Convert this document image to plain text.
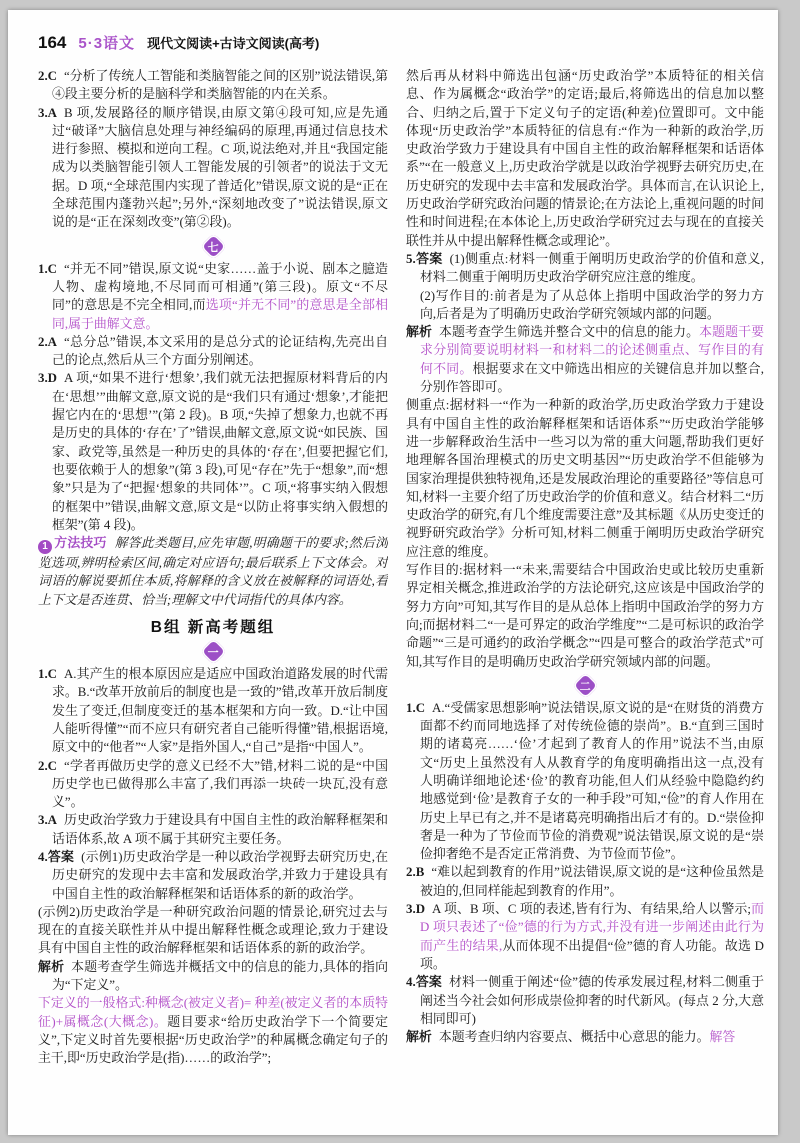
164 5·3语文 现代文阅读+古诗文阅读(高考)

2.C “分析了传统人工智能和类脑智能之间的区别”说法错误,第④段主要分析的是脑科学和类脑智能的内在关系。

3.A B 项,发展路径的顺序错误,由原文第④段可知,应是先通过“破译”大脑信息处理与神经编码的原理,再通过信息技术进行参照、模拟和逆向工程。C 项,说法绝对,并且“我国定能成为以类脑智能引领人工智能发展的引领者”的说法于文无据。D 项,“全球范围内实现了普适化”错误,原文说的是“正在全球范围内蓬勃兴起”;另外,“深刻地改变了”说法错误,原文说的是“正在深刻改变”(第②段)。

七

1.C “并无不同”错误,原文说“史家……盖于小说、剧本之臆造人物、虚构境地,不尽同而可相通”(第三段)。原文“不尽同”的意思是不完全相同,而选项“并无不同”的意思是全部相同,属于曲解文意。

2.A “总分总”错误,本文采用的是总分式的论证结构,先亮出自己的论点,然后从三个方面分别阐述。

3.D A 项,“如果不进行‘想象’,我们就无法把握原材料背后的内在‘思想’”曲解文意,原文说的是“我们只有通过‘想象’,才能把握它内在的‘思想’”(第 2 段)。B 项,“失掉了想象力,也就不再是历史的具体的‘存在’了”错误,曲解文意,原文说“如民族、国家、政党等,虽然是一种历史的具体的‘存在’,但要把握它们,也要依赖于人的想象”(第 3 段),可见“存在”先于“想象”,而“想象”只是为了“把握‘想象的共同体’”。C 项,“将事实纳入假想的框架中”错误,曲解文意,原文是“以防止将事实纳入假想的框架”(第 4 段)。

1 方法技巧 解答此类题目,应先审题,明确题干的要求;然后浏览选项,辨明检索区间,确定对应语句;最后联系上下文体会。对词语的解说要抓住本质,将解释的含义放在被解释的词语处,看上下文是否连贯、恰当;理解文中代词指代的具体内容。

B组 新高考题组
一

1.C A.其产生的根本原因应是适应中国政治道路发展的时代需求。B.“改革开放前后的制度也是一致的”错,改革开放后制度发生了变迁,但制度变迁的基本框架和方向一致。D.“让中国人能听得懂”“而不应只有研究者自己能听得懂”错,根据语境,原文中的“他者”“人家”是指外国人,“自己”是指“中国人”。

2.C “学者再做历史学的意义已经不大”错,材料二说的是“中国历史学也已做得那么丰富了,我们再添一块砖一块瓦,没有意义”。

3.A 历史政治学致力于建设具有中国自主性的政治解释框架和话语体系,故 A 项不属于其研究主要任务。

4.答案 (示例1)历史政治学是一种以政治学视野去研究历史,在历史研究的发现中去丰富和发展政治学,并致力于建设具有中国自主性的政治解释框架和话语体系的新的政治学。

(示例2)历史政治学是一种研究政治问题的情景论,研究过去与现在的直接关联性并从中提出解释性概念或理论,致力于建设具有中国自主性的政治解释框架和话语体系的新的政治学。

解析 本题考查学生筛选并概括文中的信息的能力,具体的指向为“下定义”。

下定义的一般格式:种概念(被定义者)= 种差(被定义者的本质特征)+属概念(大概念)。题目要求“给历史政治学下一个简要定义”,下定义时首先要根据“历史政治学”的种属概念确定句子的主干,即“历史政治学是(指)……的政治学”;

然后再从材料中筛选出包涵“历史政治学”本质特征的相关信息、作为属概念“政治学”的定语;最后,将筛选出的信息加以整合、归纳之后,置于下定义句子的定语(种差)位置即可。文中能体现“历史政治学”本质特征的信息有:“作为一种新的政治学,历史政治学致力于建设具有中国自主性的政治解释框架和话语体系”“在一般意义上,历史政治学就是以政治学视野去研究历史,在历史研究的发现中去丰富和发展政治学。具体而言,在认识论上,历史政治学研究政治问题的情景论;在方法论上,重视问题的时间性和时间进程;在本体论上,历史政治学研究过去与现在的直接关联性并从中提出解释性概念或理论”。

5.答案 (1)侧重点:材料一侧重于阐明历史政治学的价值和意义,材料二侧重于阐明历史政治学研究应注意的维度。

(2)写作目的:前者是为了从总体上指明中国政治学的努力方向,后者是为了明确历史政治学研究领域内部的问题。

解析 本题考查学生筛选并整合文中的信息的能力。本题题干要求分别简要说明材料一和材料二的论述侧重点、写作目的有何不同。根据要求在文中筛选出相应的关键信息并加以整合,分别作答即可。

侧重点:据材料一“作为一种新的政治学,历史政治学致力于建设具有中国自主性的政治解释框架和话语体系”“历史政治学能够进一步解释政治生活中一些习以为常的重大问题,帮助我们更好地理解各国治理模式的历史文明基因”“历史政治学不但能够为国家治理提供独特视角,还是发展政治理论的重要路径”等信息可知,材料一主要介绍了历史政治学的价值和意义。结合材料二“历史政治学的研究,有几个维度需要注意”及其标题《从历史变迁的视野研究政治学》分析可知,材料二侧重于阐明历史政治学研究应注意的维度。

写作目的:据材料一“未来,需要结合中国政治史或比较历史重新界定相关概念,推进政治学的方法论研究,这应该是中国政治学的努力方向”可知,其写作目的是从总体上指明中国政治学的努力方向;而据材料二“一是可界定的政治学维度”“二是可标识的政治学命题”“三是可通约的政治学概念”“四是可整合的政治学范式”可知,其写作目的是明确历史政治学研究领域内部的问题。

二

1.C A.“受儒家思想影响”说法错误,原文说的是“在财货的消费方面都不约而同地选择了对传统俭德的崇尚”。B.“直到三国时期的诸葛亮……‘俭’才起到了教育人的作用”说法不当,由原文“历史上虽然没有人从教育学的角度明确指出这一点,没有人明确详细地论述‘俭’的教育功能,但人们从经验中隐隐约约地感觉到‘俭’是教育子女的一种手段”可知,“俭”的育人作用在历史上早已有之,并不是诸葛亮明确指出后才有的。D.“崇俭抑奢是一种为了节俭而节俭的消费观”说法错误,原文说的是“崇俭抑奢绝不是否定正常消费、为节俭而节俭”。

2.B “难以起到教育的作用”说法错误,原文说的是“这种俭虽然是被迫的,但同样能起到教育的作用”。

3.D A 项、B 项、C 项的表述,皆有行为、有结果,给人以警示;而 D 项只表述了“俭”德的行为方式,并没有进一步阐述由此行为而产生的结果,从而体现不出提倡“俭”德的育人功能。故选 D 项。

4.答案 材料一侧重于阐述“俭”德的传承发展过程,材料二侧重于阐述当今社会如何形成崇俭抑奢的时代新风。(每点 2 分,大意相同即可)

解析 本题考查归纳内容要点、概括中心意思的能力。解答
